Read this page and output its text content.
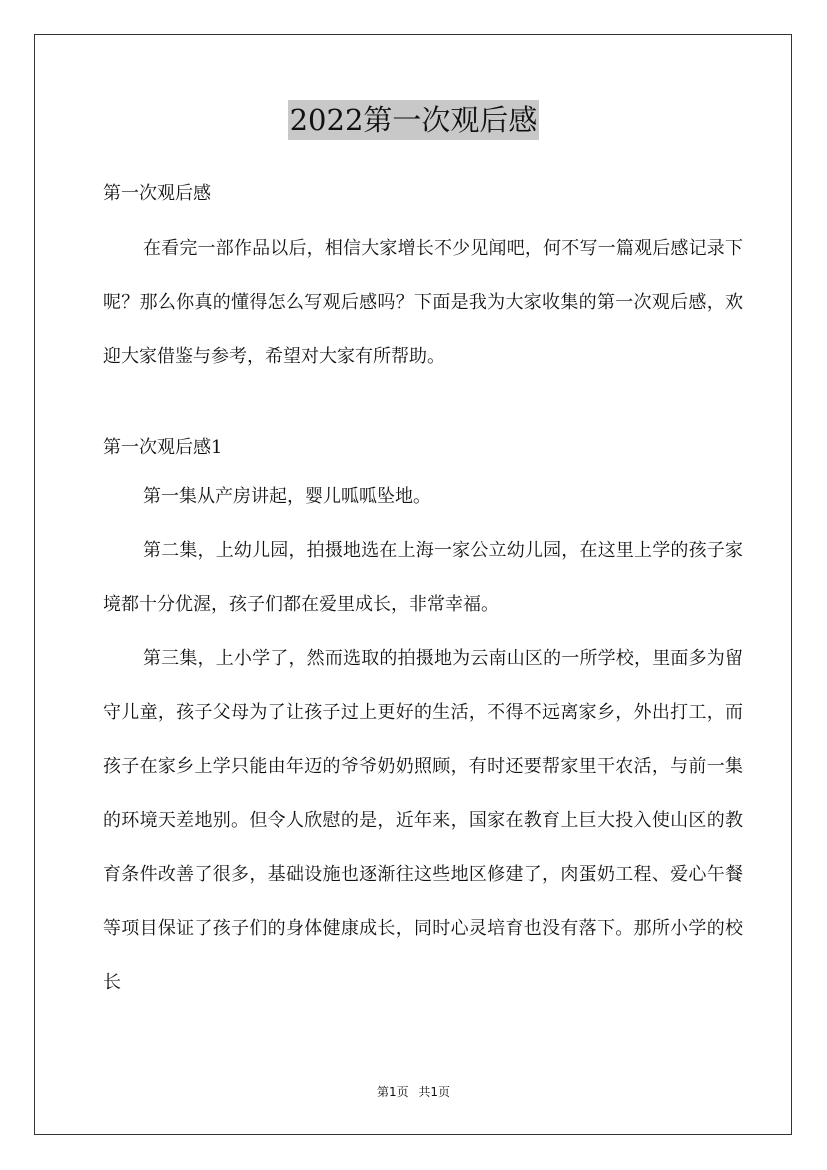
2022第一次观后感

第一次观后感

在看完一部作品以后，相信大家增长不少见闻吧，何不写一篇观后感记录下呢？那么你真的懂得怎么写观后感吗？下面是我为大家收集的第一次观后感，欢迎大家借鉴与参考，希望对大家有所帮助。

第一次观后感1

第一集从产房讲起，婴儿呱呱坠地。

第二集，上幼儿园，拍摄地选在上海一家公立幼儿园，在这里上学的孩子家境都十分优渥，孩子们都在爱里成长，非常幸福。

第三集，上小学了，然而选取的拍摄地为云南山区的一所学校，里面多为留守儿童，孩子父母为了让孩子过上更好的生活，不得不远离家乡，外出打工，而孩子在家乡上学只能由年迈的爷爷奶奶照顾，有时还要帮家里干农活，与前一集的环境天差地别。但令人欣慰的是，近年来，国家在教育上巨大投入使山区的教育条件改善了很多，基础设施也逐渐往这些地区修建了，肉蛋奶工程、爱心午餐等项目保证了孩子们的身体健康成长，同时心灵培育也没有落下。那所小学的校长

第1页 共1页
